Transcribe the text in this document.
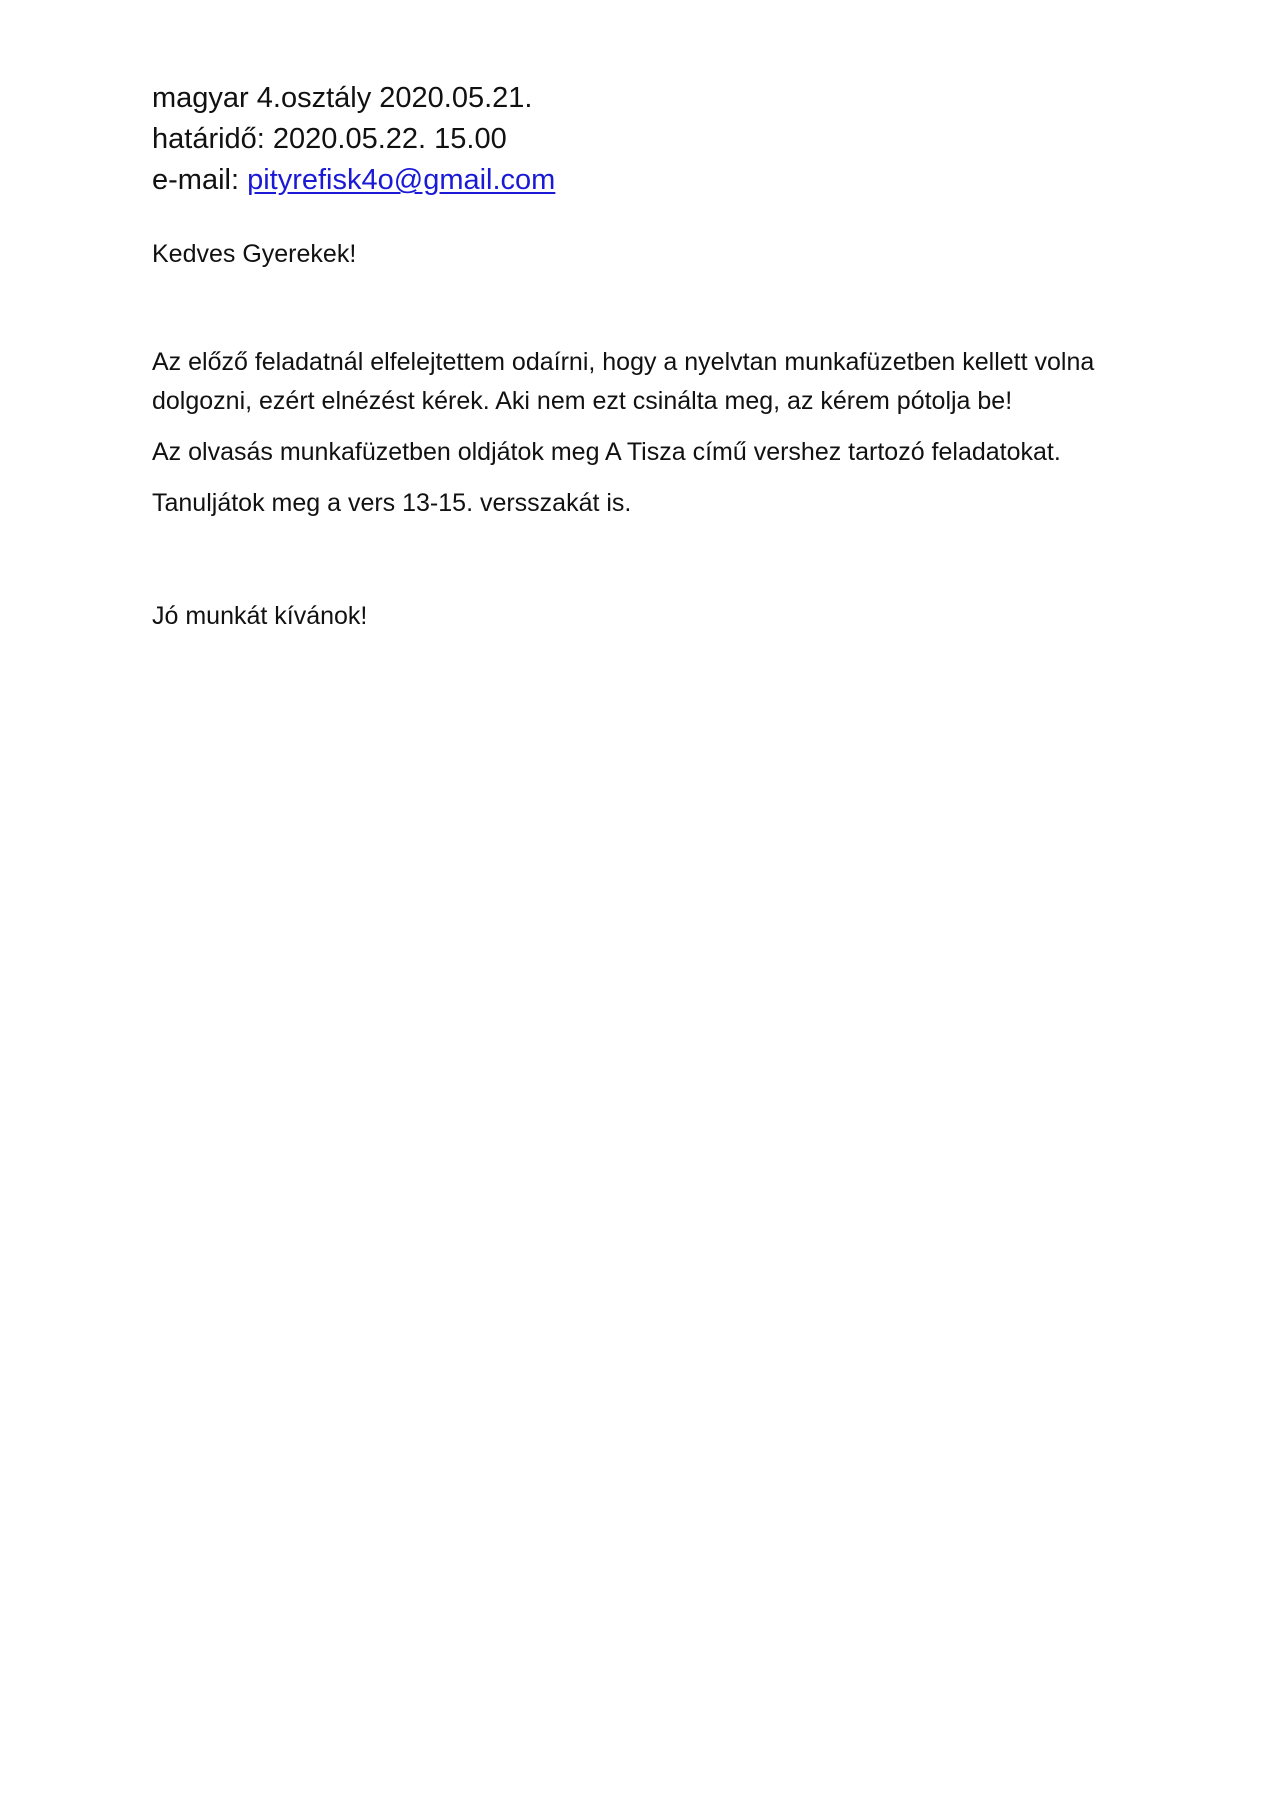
magyar 4.osztály 2020.05.21.

határidő: 2020.05.22. 15.00

e-mail: pityrefisk4o@gmail.com

Kedves Gyerekek!

Az előző feladatnál elfelejtettem odaírni, hogy a nyelvtan munkafüzetben kellett volna dolgozni, ezért elnézést kérek. Aki nem ezt csinálta meg, az kérem pótolja be!

Az olvasás munkafüzetben oldjátok meg A Tisza című vershez tartozó feladatokat.

Tanuljátok meg a vers 13-15. versszakát is.

Jó munkát kívánok!
